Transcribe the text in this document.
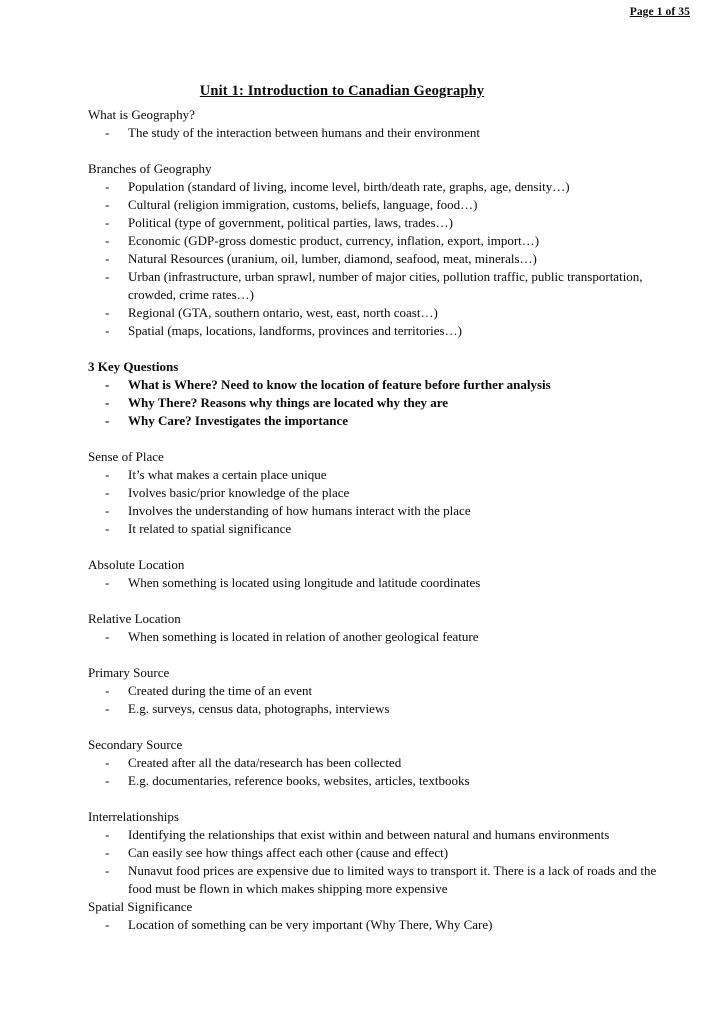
Page 1 of 35
Unit 1: Introduction to Canadian Geography
What is Geography?
-	The study of the interaction between humans and their environment
Branches of Geography
-	Population (standard of living, income level, birth/death rate, graphs, age, density…)
-	Cultural (religion immigration, customs, beliefs, language, food…)
-	Political (type of government, political parties, laws, trades…)
-	Economic (GDP-gross domestic product, currency, inflation, export, import…)
-	Natural Resources (uranium, oil, lumber, diamond, seafood, meat, minerals…)
-	Urban (infrastructure, urban sprawl, number of major cities, pollution traffic, public transportation, crowded, crime rates…)
-	Regional (GTA, southern ontario, west, east, north coast…)
-	Spatial (maps, locations, landforms, provinces and territories…)
3 Key Questions
-	What is Where? Need to know the location of feature before further analysis
-	Why There? Reasons why things are located why they are
-	Why Care? Investigates the importance
Sense of Place
-	It’s what makes a certain place unique
-	Ivolves basic/prior knowledge of the place
-	Involves the understanding of how humans interact with the place
-	It related to spatial significance
Absolute Location
-	When something is located using longitude and latitude coordinates
Relative Location
-	When something is located in relation of another geological feature
Primary Source
-	Created during the time of an event
-	E.g. surveys, census data, photographs, interviews
Secondary Source
-	Created after all the data/research has been collected
-	E.g. documentaries, reference books, websites, articles, textbooks
Interrelationships
-	Identifying the relationships that exist within and between natural and humans environments
-	Can easily see how things affect each other (cause and effect)
-	Nunavut food prices are expensive due to limited ways to transport it. There is a lack of roads and the food must be flown in which makes shipping more expensive
Spatial Significance
-	Location of something can be very important (Why There, Why Care)
